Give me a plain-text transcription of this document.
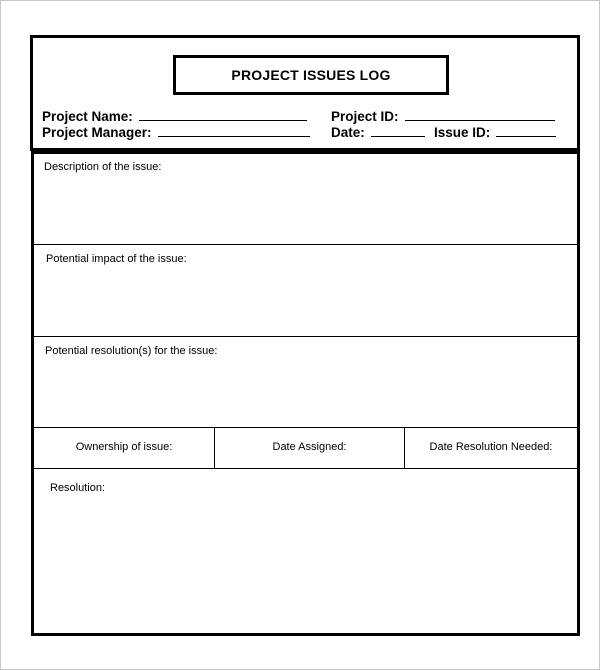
PROJECT ISSUES LOG
Project Name:
Project Manager:
Project ID:
Date:	Issue ID:
Description of the issue:
Potential impact of the issue:
Potential resolution(s) for the issue:
Ownership of issue:	Date Assigned:	Date Resolution Needed:
Resolution:
